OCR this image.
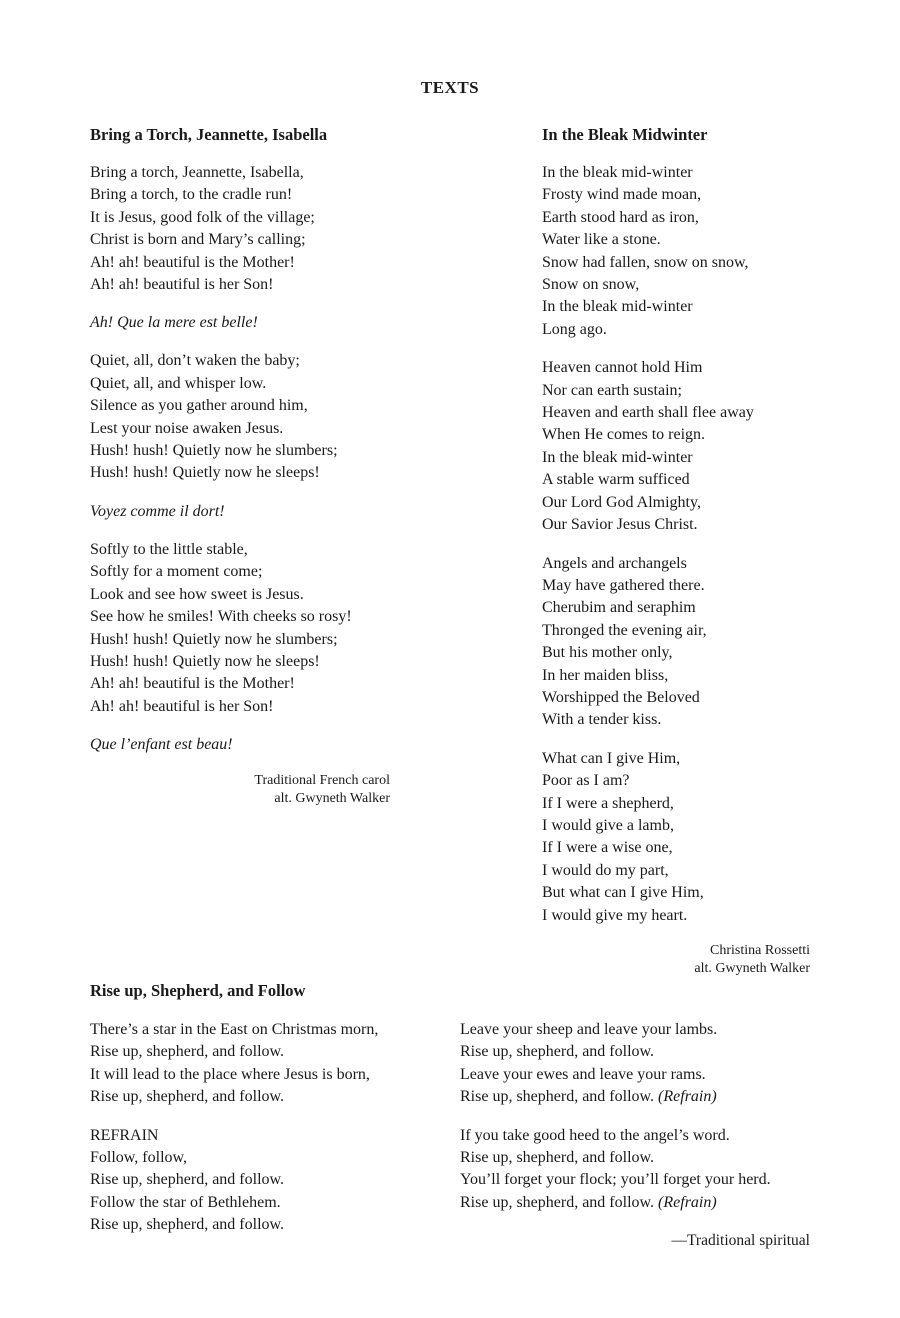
TEXTS
Bring a Torch, Jeannette, Isabella
Bring a torch, Jeannette, Isabella,
Bring a torch, to the cradle run!
It is Jesus, good folk of the village;
Christ is born and Mary’s calling;
Ah! ah! beautiful is the Mother!
Ah! ah! beautiful is her Son!
Ah! Que la mere est belle!
Quiet, all, don’t waken the baby;
Quiet, all, and whisper low.
Silence as you gather around him,
Lest your noise awaken Jesus.
Hush! hush! Quietly now he slumbers;
Hush! hush! Quietly now he sleeps!
Voyez comme il dort!
Softly to the little stable,
Softly for a moment come;
Look and see how sweet is Jesus.
See how he smiles! With cheeks so rosy!
Hush! hush! Quietly now he slumbers;
Hush! hush! Quietly now he sleeps!
Ah! ah! beautiful is the Mother!
Ah! ah! beautiful is her Son!
Que l’enfant est beau!
Traditional French carol
alt. Gwyneth Walker
In the Bleak Midwinter
In the bleak mid-winter
Frosty wind made moan,
Earth stood hard as iron,
Water like a stone.
Snow had fallen, snow on snow,
Snow on snow,
In the bleak mid-winter
Long ago.
Heaven cannot hold Him
Nor can earth sustain;
Heaven and earth shall flee away
When He comes to reign.
In the bleak mid-winter
A stable warm sufficed
Our Lord God Almighty,
Our Savior Jesus Christ.
Angels and archangels
May have gathered there.
Cherubim and seraphim
Thronged the evening air,
But his mother only,
In her maiden bliss,
Worshipped the Beloved
With a tender kiss.
What can I give Him,
Poor as I am?
If I were a shepherd,
I would give a lamb,
If I were a wise one,
I would do my part,
But what can I give Him,
I would give my heart.
Christina Rossetti
alt. Gwyneth Walker
Rise up, Shepherd, and Follow
There’s a star in the East on Christmas morn,
Rise up, shepherd, and follow.
It will lead to the place where Jesus is born,
Rise up, shepherd, and follow.
REFRAIN
Follow, follow,
Rise up, shepherd, and follow.
Follow the star of Bethlehem.
Rise up, shepherd, and follow.
Leave your sheep and leave your lambs.
Rise up, shepherd, and follow.
Leave your ewes and leave your rams.
Rise up, shepherd, and follow. (Refrain)
If you take good heed to the angel’s word.
Rise up, shepherd, and follow.
You’ll forget your flock; you’ll forget your herd.
Rise up, shepherd, and follow. (Refrain)
—Traditional spiritual
